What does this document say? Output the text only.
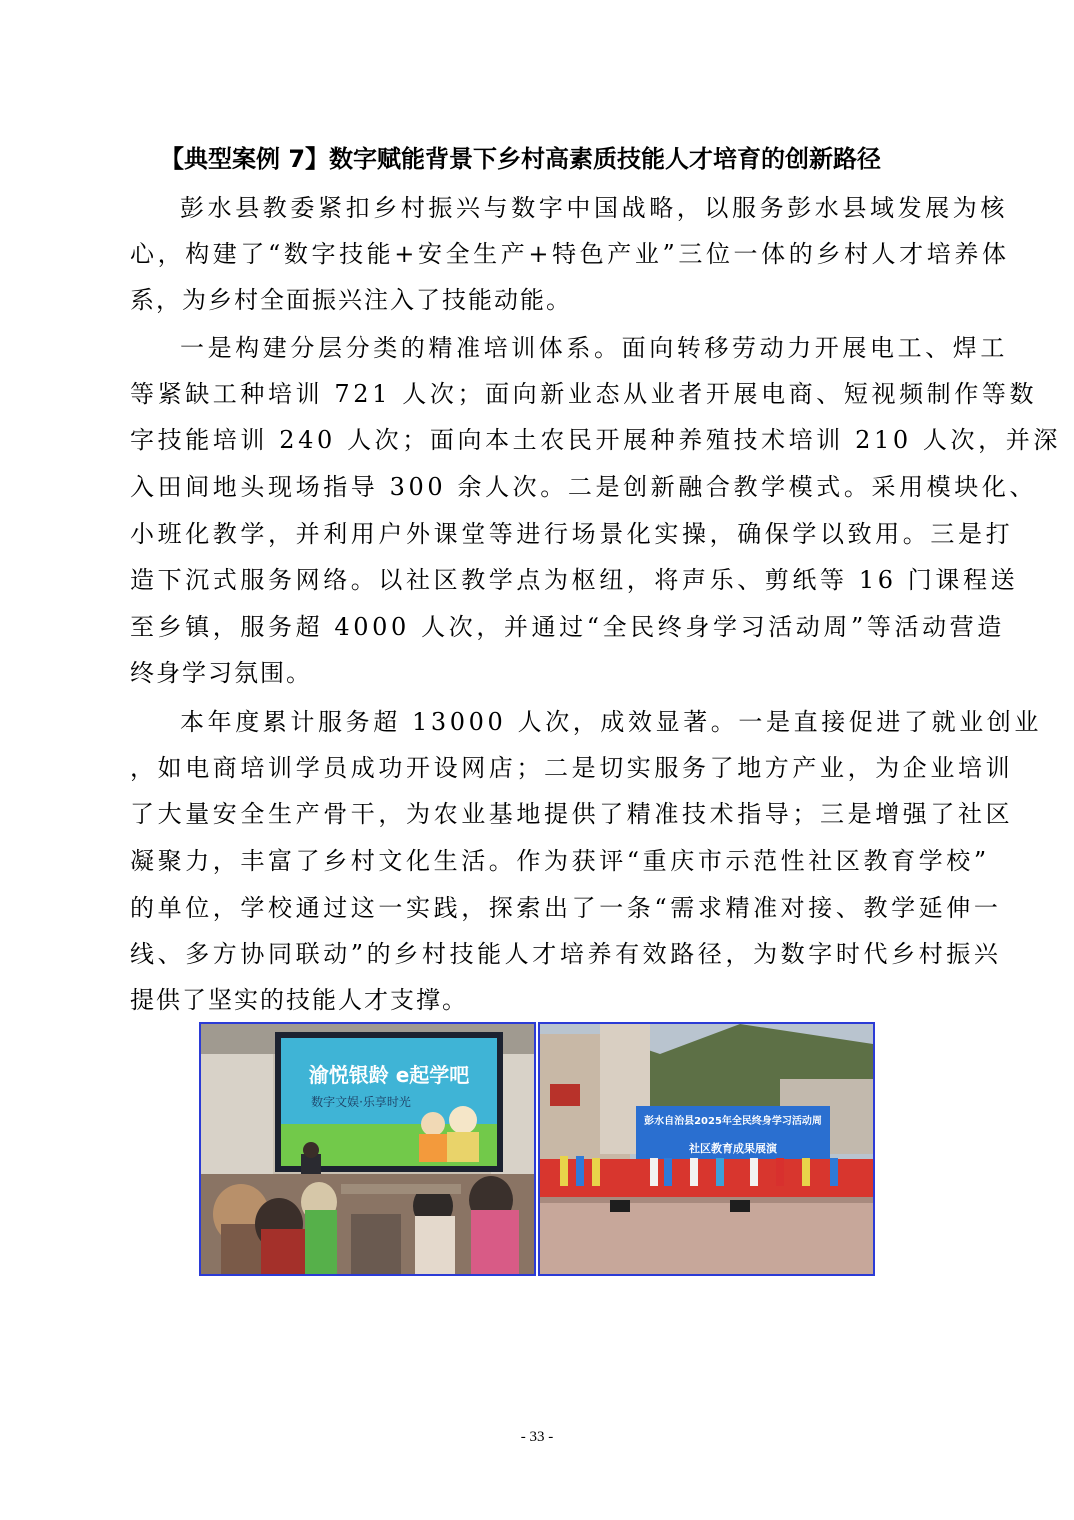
【典型案例 7】数字赋能背景下乡村高素质技能人才培育的创新路径
彭水县教委紧扣乡村振兴与数字中国战略，以服务彭水县域发展为核
心，构建了“数字技能+安全生产+特色产业”三位一体的乡村人才培养体
系，为乡村全面振兴注入了技能动能。
一是构建分层分类的精准培训体系。面向转移劳动力开展电工、焊工
等紧缺工种培训 721 人次；面向新业态从业者开展电商、短视频制作等数
字技能培训 240 人次；面向本土农民开展种养殖技术培训 210 人次，并深
入田间地头现场指导 300 余人次。二是创新融合教学模式。采用模块化、
小班化教学，并利用户外课堂等进行场景化实操，确保学以致用。三是打
造下沉式服务网络。以社区教学点为枢纽，将声乐、剪纸等 16 门课程送
至乡镇，服务超 4000 人次，并通过“全民终身学习活动周”等活动营造
终身学习氛围。
本年度累计服务超 13000 人次，成效显著。一是直接促进了就业创业
，如电商培训学员成功开设网店；二是切实服务了地方产业，为企业培训
了大量安全生产骨干，为农业基地提供了精准技术指导；三是增强了社区
凝聚力，丰富了乡村文化生活。作为获评“重庆市示范性社区教育学校”
的单位，学校通过这一实践，探索出了一条“需求精准对接、教学延伸一
线、多方协同联动”的乡村技能人才培养有效路径，为数字时代乡村振兴
提供了坚实的技能人才支撑。
渝悦银龄 e起学吧
数字文娱·乐享时光
彭水自治县2025年全民终身学习活动周
社区教育成果展演
- 33 -
